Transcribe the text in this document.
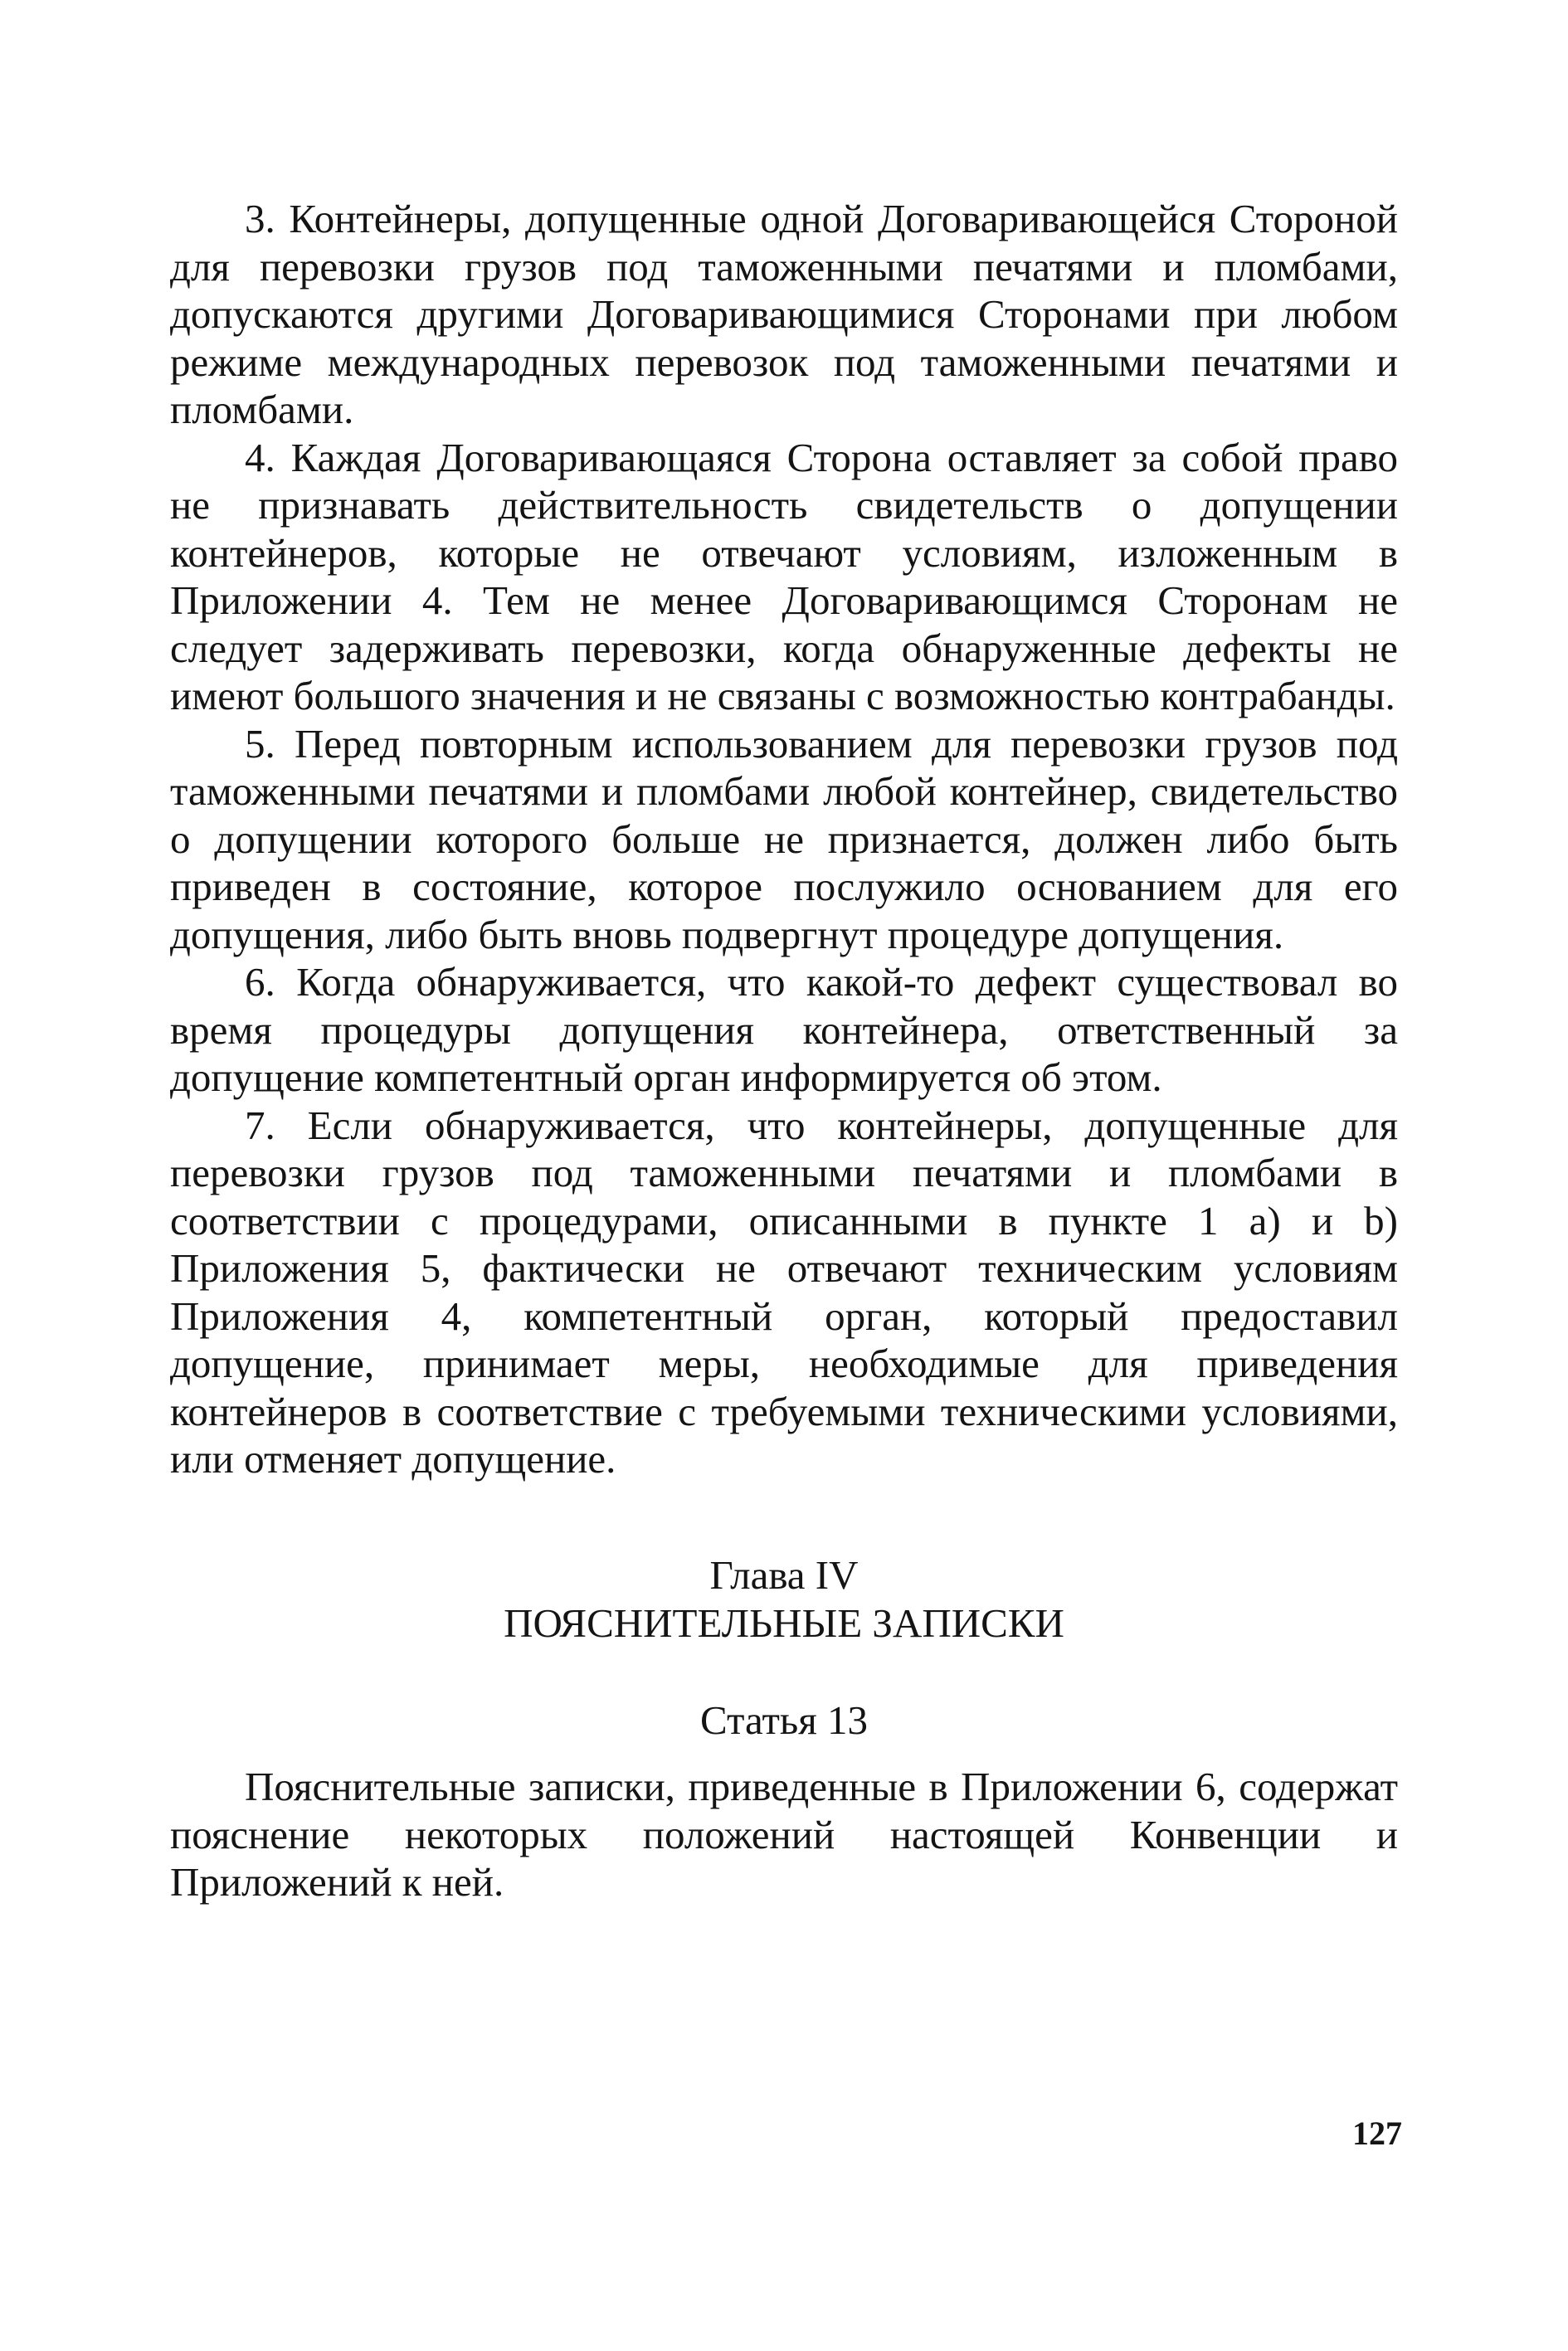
3. Контейнеры, допущенные одной Договаривающейся Стороной для перевозки грузов под таможенными печатями и пломбами, допускаются другими Договаривающимися Сторонами при любом режиме международных перевозок под таможенными печатями и пломбами.

4. Каждая Договаривающаяся Сторона оставляет за собой право не признавать действительность свидетельств о допущении контейнеров, которые не отвечают условиям, изложенным в Приложении 4. Тем не менее Договаривающимся Сторонам не следует задерживать перевозки, когда обнаруженные дефекты не имеют большого значения и не связаны с возможностью контрабанды.

5. Перед повторным использованием для перевозки грузов под таможенными печатями и пломбами любой контейнер, свидетельство о допущении которого больше не признается, должен либо быть приведен в состояние, которое послужило основанием для его допущения, либо быть вновь подвергнут процедуре допущения.

6. Когда обнаруживается, что какой-то дефект существовал во время процедуры допущения контейнера, ответственный за допущение компетентный орган информируется об этом.

7. Если обнаруживается, что контейнеры, допущенные для перевозки грузов под таможенными печатями и пломбами в соответствии с процедурами, описанными в пункте 1 а) и b) Приложения 5, фактически не отвечают техническим условиям Приложения 4, компетентный орган, который предоставил допущение, принимает меры, необходимые для приведения контейнеров в соответствие с требуемыми техническими условиями, или отменяет допущение.

Глава IV

ПОЯСНИТЕЛЬНЫЕ ЗАПИСКИ

Статья 13

Пояснительные записки, приведенные в Приложении 6, содержат пояснение некоторых положений настоящей Конвенции и Приложений к ней.

127
